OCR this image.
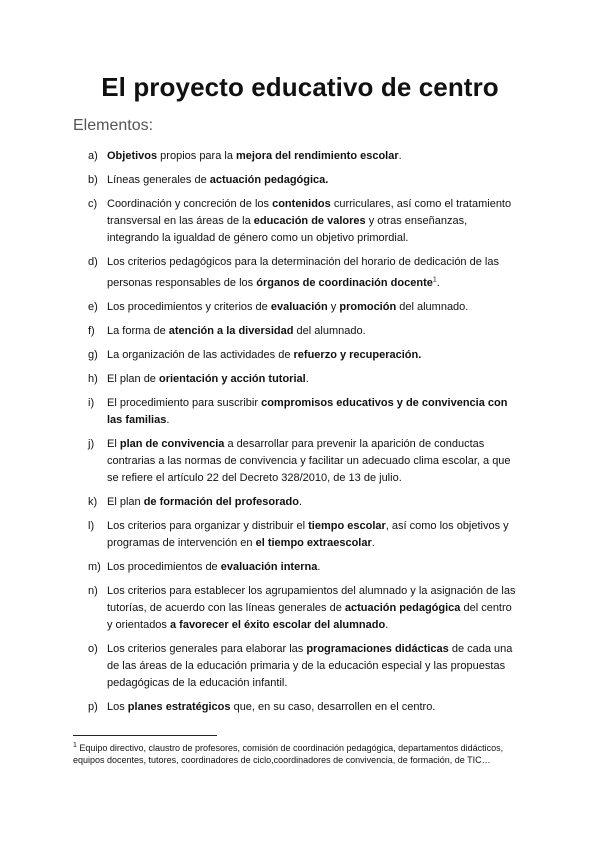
El proyecto educativo de centro

Elementos:

a) Objetivos propios para la mejora del rendimiento escolar.
b) Líneas generales de actuación pedagógica.
c) Coordinación y concreción de los contenidos curriculares, así como el tratamiento transversal en las áreas de la educación de valores y otras enseñanzas, integrando la igualdad de género como un objetivo primordial.
d) Los criterios pedagógicos para la determinación del horario de dedicación de las personas responsables de los órganos de coordinación docente$^1$.
e) Los procedimientos y criterios de evaluación y promoción del alumnado.
f)	La forma de atención a la diversidad del alumnado.
g) La organización de las actividades de refuerzo y recuperación.
h) El plan de orientación y acción tutorial.
i)	El procedimiento para suscribir compromisos educativos y de convivencia con las familias.
j)	El plan de convivencia a desarrollar para prevenir la aparición de conductas contrarias a las normas de convivencia y facilitar un adecuado clima escolar, a que se refiere el artículo 22 del Decreto 328/2010, de 13 de julio.
k) El plan de formación del profesorado.
l)	Los criterios para organizar y distribuir el tiempo escolar, así como los objetivos y programas de intervención en el tiempo extraescolar.
m) Los procedimientos de evaluación interna.
n) Los criterios para establecer los agrupamientos del alumnado y la asignación de las tutorías, de acuerdo con las líneas generales de actuación pedagógica del centro y orientados a favorecer el éxito escolar del alumnado.
o) Los criterios generales para elaborar las programaciones didácticas de cada una de las áreas de la educación primaria y de la educación especial y las propuestas pedagógicas de la educación infantil.
p) Los planes estratégicos que, en su caso, desarrollen en el centro.
$^1$ Equipo directivo, claustro de profesores, comisión de coordinación pedagógica, departamentos didácticos, equipos docentes, tutores, coordinadores de ciclo,coordinadores de convivencia, de formación, de TIC…
